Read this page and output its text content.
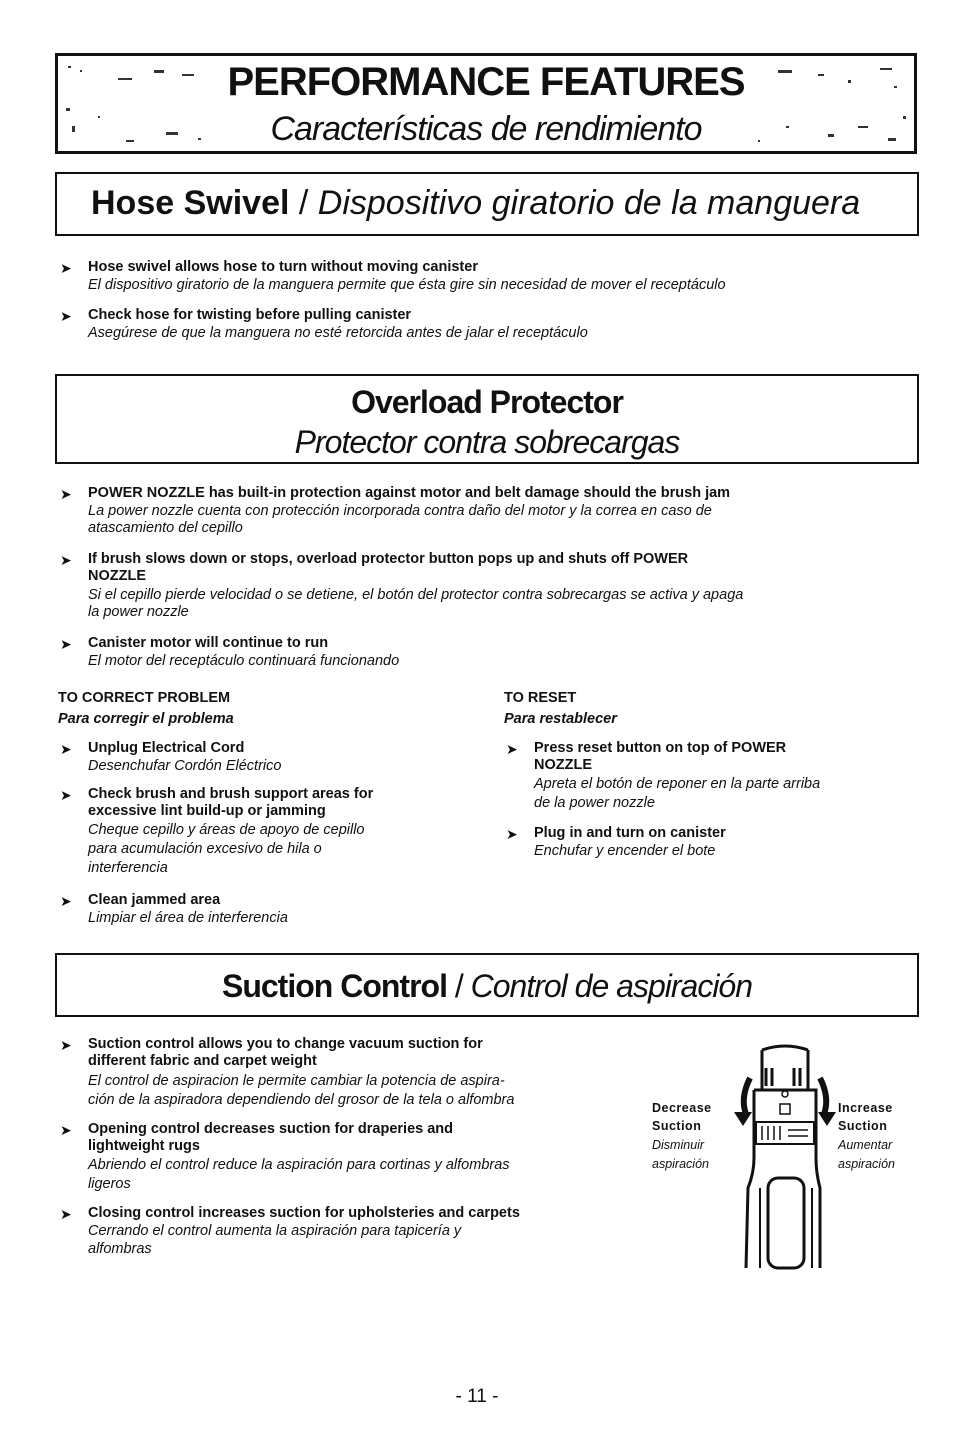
PERFORMANCE FEATURES
Características de rendimiento
Hose Swivel / Dispositivo giratorio de la manguera
➤ Hose swivel allows hose to turn without moving canister
El dispositivo giratorio de la manguera permite que ésta gire sin necesidad de mover el receptáculo
➤ Check hose for twisting before pulling canister
Asegúrese de que la manguera no esté retorcida antes de jalar el receptáculo
Overload Protector
Protector contra sobrecargas
➤ POWER NOZZLE has built-in protection against motor and belt damage should the brush jam
La power nozzle cuenta con protección incorporada contra daño del motor y la correa en caso de
atascamiento del cepillo
➤ If brush slows down or stops, overload protector button pops up and shuts off POWER
NOZZLE
Si el cepillo pierde velocidad o se detiene, el botón del protector contra sobrecargas se activa y apaga
la power nozzle
➤ Canister motor will continue to run
El motor del receptáculo continuará funcionando
TO CORRECT PROBLEM
Para corregir el problema
➤ Unplug Electrical Cord
Desenchufar Cordón Eléctrico
➤ Check brush and brush support areas for
excessive lint build-up or jamming
Cheque cepillo y áreas de apoyo de cepillo
para acumulación excesivo de hila o
interferencia
➤ Clean jammed area
Limpiar el área de interferencia
TO RESET
Para restablecer
➤ Press reset button on top of POWER
NOZZLE
Apreta el botón de reponer en la parte arriba
de la power nozzle
➤ Plug in and turn on canister
Enchufar y encender el bote
Suction Control / Control de aspiración
➤ Suction control allows you to change vacuum suction for
different fabric and carpet weight
El control de aspiracion le permite cambiar la potencia de aspira-
ción de la aspiradora dependiendo del grosor de la tela o alfombra
➤ Opening control decreases suction for draperies and
lightweight rugs
Abriendo el control reduce la aspiración para cortinas y alfombras
ligeros
➤ Closing control increases suction for upholsteries and carpets
Cerrando el control aumenta la aspiración para tapicería y
alfombras
Decrease
Suction
Disminuir
aspiración
Increase
Suction
Aumentar
aspiración
- 11 -
